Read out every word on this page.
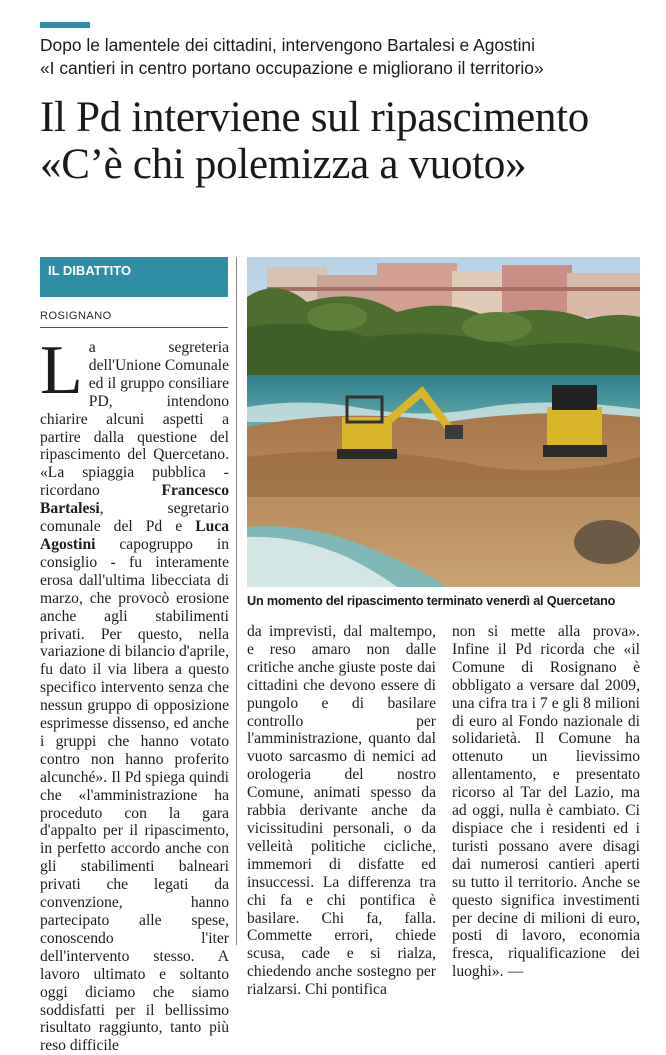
Dopo le lamentele dei cittadini, intervengono Bartalesi e Agostini
«I cantieri in centro portano occupazione e migliorano il territorio»
Il Pd interviene sul ripascimento
«C’è chi polemizza a vuoto»
IL DIBATTITO
ROSIGNANO

La segreteria dell'Unione Comunale ed il gruppo consiliare PD, intendono chiarire alcuni aspetti a partire dalla questione del ripascimento del Quercetano. «La spiaggia pubblica - ricordano Francesco Bartalesi, segretario comunale del Pd e Luca Agostini capogruppo in consiglio - fu interamente erosa dall'ultima libecciata di marzo, che provocò erosione anche agli stabilimenti privati. Per questo, nella variazione di bilancio d'aprile, fu dato il via libera a questo specifico intervento senza che nessun gruppo di opposizione esprimesse dissenso, ed anche i gruppi che hanno votato contro non hanno proferito alcunché». Il Pd spiega quindi che «l'amministrazione ha proceduto con la gara d'appalto per il ripascimento, in perfetto accordo anche con gli stabilimenti balneari privati che legati da convenzione, hanno partecipato alle spese, conoscendo l'iter dell'intervento stesso. A lavoro ultimato e soltanto oggi diciamo che siamo soddisfatti per il bellissimo risultato raggiunto, tanto più reso difficile

Un momento del ripascimento terminato venerdì al Quercetano

da imprevisti, dal maltempo, e reso amaro non dalle critiche anche giuste poste dai cittadini che devono essere di pungolo e di basilare controllo per l'amministrazione, quanto dal vuoto sarcasmo di nemici ad orologeria del nostro Comune, animati spesso da rabbia derivante anche da vicissitudini personali, o da velleità politiche cicliche, immemori di disfatte ed insuccessi. La differenza tra chi fa e chi pontifica è basilare. Chi fa, falla. Commette errori, chiede scusa, cade e si rialza, chiedendo anche sostegno per rialzarsi. Chi pontifica

non si mette alla prova». Infine il Pd ricorda che «il Comune di Rosignano è obbligato a versare dal 2009, una cifra tra i 7 e gli 8 milioni di euro al Fondo nazionale di solidarietà. Il Comune ha ottenuto un lievissimo allentamento, e presentato ricorso al Tar del Lazio, ma ad oggi, nulla è cambiato. Ci dispiace che i residenti ed i turisti possano avere disagi dai numerosi cantieri aperti su tutto il territorio. Anche se questo significa investimenti per decine di milioni di euro, posti di lavoro, economia fresca, riqualificazione dei luoghi». —
